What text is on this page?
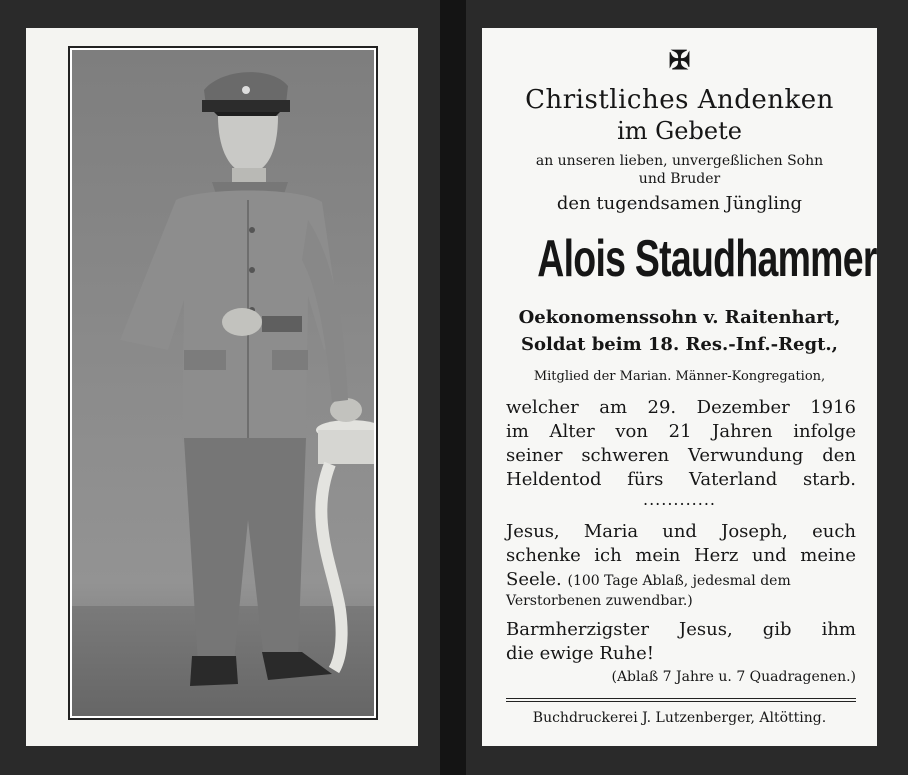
✠
Christliches Andenken
im Gebete
an unseren lieben, unvergeßlichen Sohn
und Bruder
den tugendsamen Jüngling
Alois Staudhammer
Oekonomenssohn v. Raitenhart,
Soldat beim 18. Res.-Inf.-Regt.,
Mitglied der Marian. Männer-Kongregation,
welcher am 29. Dezember 1916
im Alter von 21 Jahren infolge
seiner schweren Verwundung den
Heldentod fürs Vaterland starb.
............
Jesus, Maria und Joseph, euch
schenke ich mein Herz und meine
Seele. (100 Tage Ablaß, jedesmal dem
Verstorbenen zuwendbar.)
Barmherzigster Jesus, gib ihm
die ewige Ruhe!
(Ablaß 7 Jahre u. 7 Quadragenen.)
Buchdruckerei J. Lutzenberger, Altötting.
